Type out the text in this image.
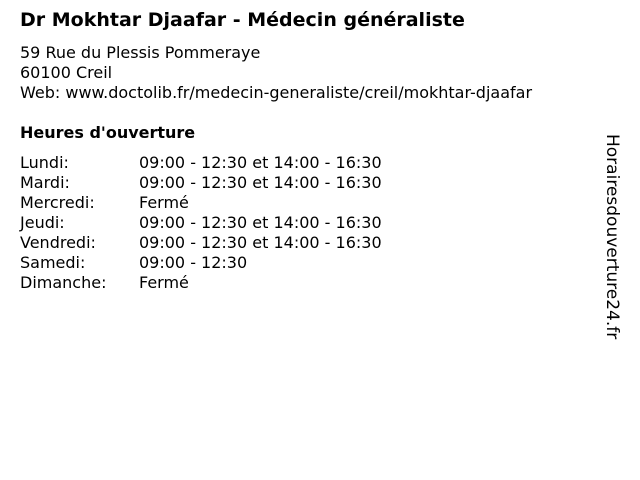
Dr Mokhtar Djaafar - Médecin généraliste
59 Rue du Plessis Pommeraye
60100 Creil
Web: www.doctolib.fr/medecin-generaliste/creil/mokhtar-djaafar
Heures d'ouverture
Lundi:	09:00 - 12:30 et 14:00 - 16:30
Mardi:	09:00 - 12:30 et 14:00 - 16:30
Mercredi:	Fermé
Jeudi:	09:00 - 12:30 et 14:00 - 16:30
Vendredi:	09:00 - 12:30 et 14:00 - 16:30
Samedi:	09:00 - 12:30
Dimanche: Fermé	Horairesdouverture24.fr
